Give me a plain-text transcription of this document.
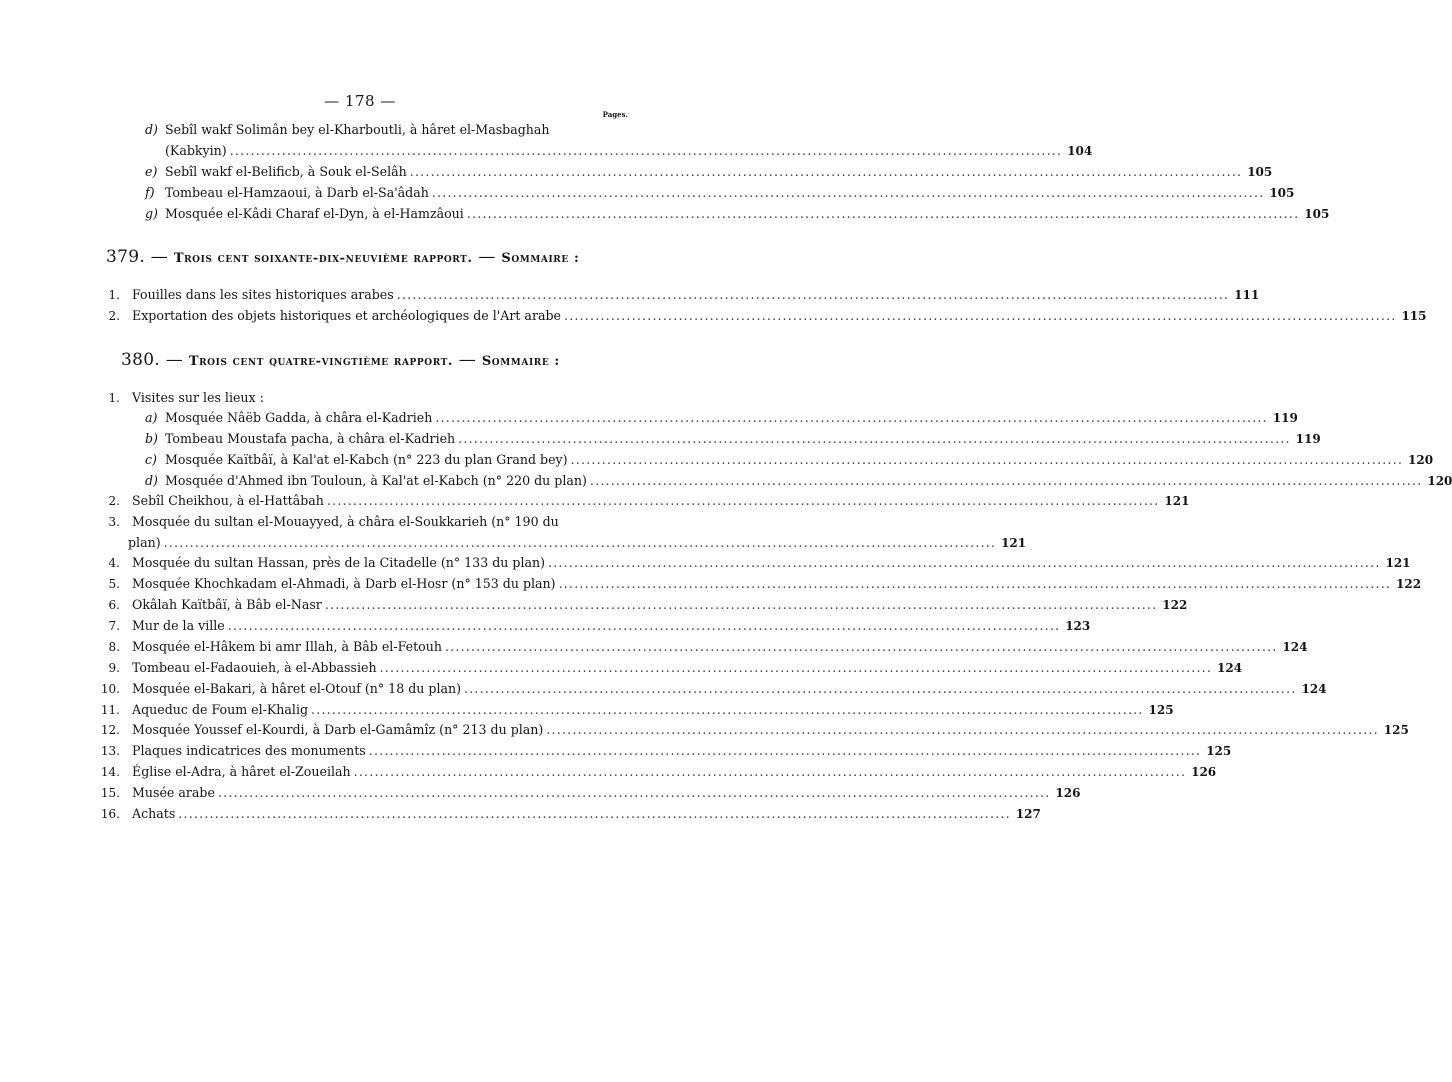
— 178 —
Pages.
d) Sebîl wakf Solimân bey el-Kharboutli, à hâret el-Masbaghah
(Kabkyin) ................................................................................................................................................................ 104
e) Sebîl wakf el-Belificb, à Souk el-Selâh ................................................................................................................................................................ 105
f) Tombeau el-Hamzaoui, à Darb el-Sa'âdah ................................................................................................................................................................ 105
g) Mosquée el-Kâdi Charaf el-Dyn, à el-Hamzâoui ................................................................................................................................................................ 105
379. — Trois cent soixante-dix-neuvième rapport. — Sommaire :
1. Fouilles dans les sites historiques arabes ................................................................................................................................................................ 111
2. Exportation des objets historiques et archéologiques de l'Art arabe ................................................................................................................................................................ 115
380. — Trois cent quatre-vingtième rapport. — Sommaire :
1. Visites sur les lieux :
a) Mosquée Nâëb Gadda, à châra el-Kadrieh ................................................................................................................................................................ 119
b) Tombeau Moustafa pacha, à châra el-Kadrieh ................................................................................................................................................................ 119
c) Mosquée Kaïtbâï, à Kal'at el-Kabch (n° 223 du plan Grand bey) ................................................................................................................................................................ 120
d) Mosquée d'Ahmed ibn Touloun, à Kal'at el-Kabch (n° 220 du plan) ................................................................................................................................................................ 120
2. Sebîl Cheikhou, à el-Hattâbah ................................................................................................................................................................ 121
3. Mosquée du sultan el-Mouayyed, à châra el-Soukkarieh (n° 190 du
plan) ................................................................................................................................................................ 121
4. Mosquée du sultan Hassan, près de la Citadelle (n° 133 du plan) ................................................................................................................................................................ 121
5. Mosquée Khochkadam el-Ahmadi, à Darb el-Hosr (n° 153 du plan) ................................................................................................................................................................ 122
6. Okâlah Kaïtbâï, à Bâb el-Nasr ................................................................................................................................................................ 122
7. Mur de la ville ................................................................................................................................................................ 123
8. Mosquée el-Hâkem bi amr Illah, à Bâb el-Fetouh ................................................................................................................................................................ 124
9. Tombeau el-Fadaouieh, à el-Abbassieh ................................................................................................................................................................ 124
10. Mosquée el-Bakari, à hâret el-Otouf (n° 18 du plan) ................................................................................................................................................................ 124
11. Aqueduc de Foum el-Khalig ................................................................................................................................................................ 125
12. Mosquée Youssef el-Kourdi, à Darb el-Gamâmîz (n° 213 du plan) ................................................................................................................................................................ 125
13. Plaques indicatrices des monuments ................................................................................................................................................................ 125
14. Église el-Adra, à hâret el-Zoueilah ................................................................................................................................................................ 126
15. Musée arabe ................................................................................................................................................................ 126
16. Achats ................................................................................................................................................................ 127
